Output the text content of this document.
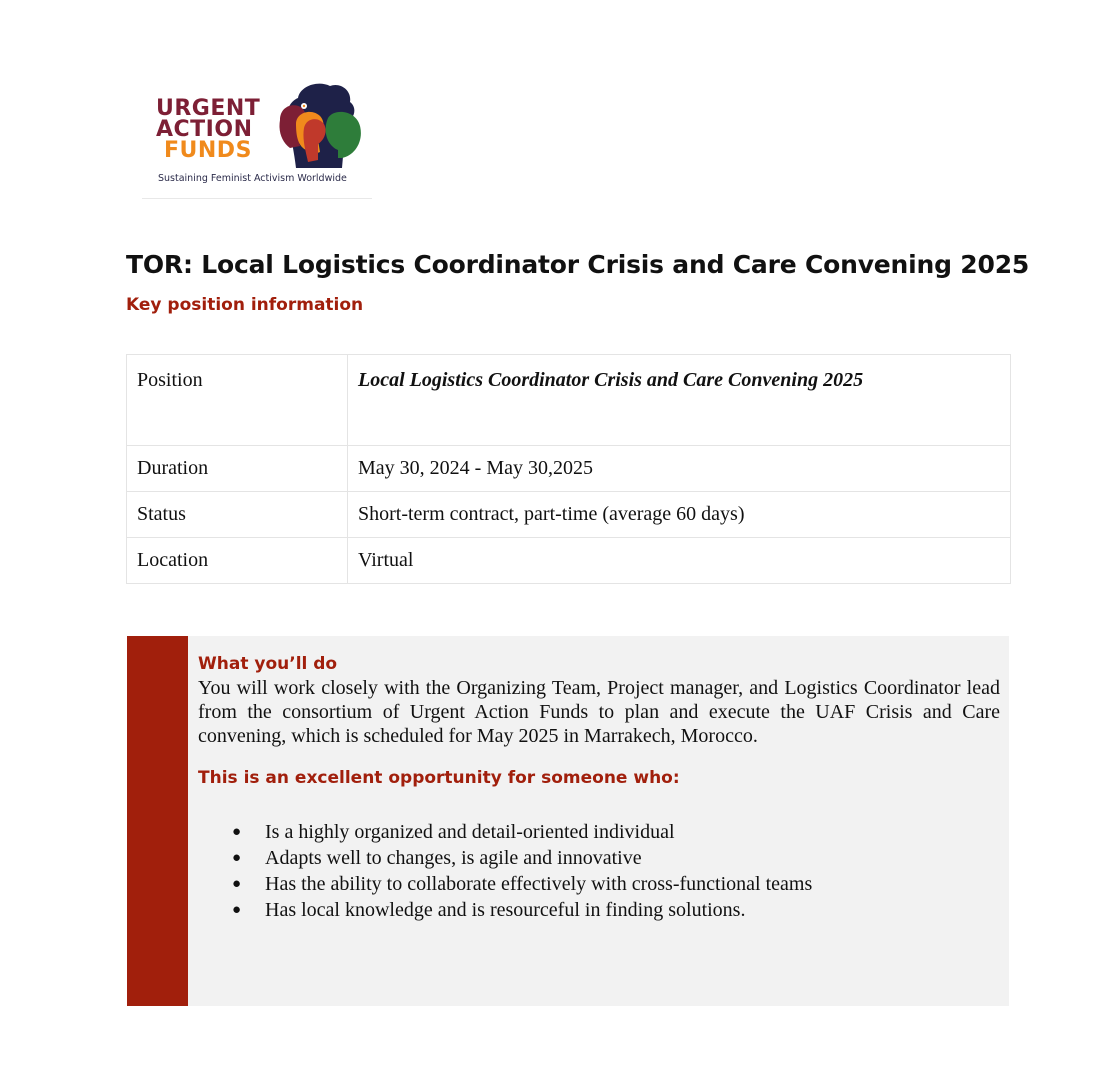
URGENT
ACTION
FUNDS
Sustaining Feminist Activism Worldwide
TOR: Local Logistics Coordinator Crisis and Care Convening 2025
Key position information
Position	Local Logistics Coordinator Crisis and Care Convening 2025
Duration	May 30, 2024 - May 30,2025
Status	Short-term contract, part-time (average 60 days)
Location	Virtual
What you’ll do

You will work closely with the Organizing Team, Project manager, and Logistics Coordinator lead from the consortium of Urgent Action Funds to plan and execute the UAF Crisis and Care convening, which is scheduled for May 2025 in Marrakech, Morocco.

This is an excellent opportunity for someone who:
● Is a highly organized and detail-oriented individual
● Adapts well to changes, is agile and innovative
● Has the ability to collaborate effectively with cross-functional teams
● Has local knowledge and is resourceful in finding solutions.
